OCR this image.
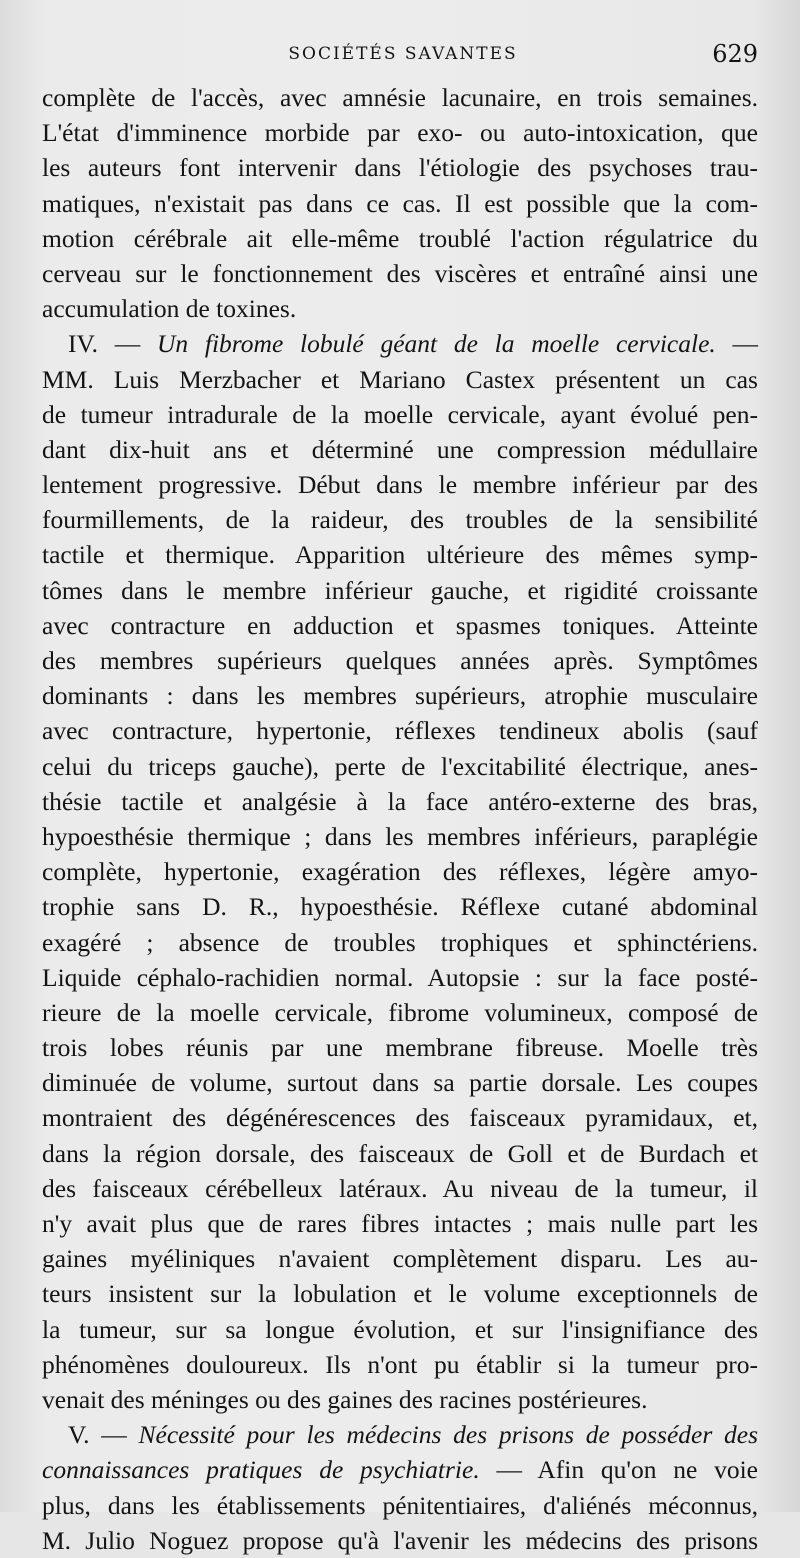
SOCIÉTÉS SAVANTES	629
complète de l'accès, avec amnésie lacunaire, en trois semaines.
L'état d'imminence morbide par exo- ou auto-intoxication, que
les auteurs font intervenir dans l'étiologie des psychoses trau-
matiques, n'existait pas dans ce cas. Il est possible que la com-
motion cérébrale ait elle-même troublé l'action régulatrice du
cerveau sur le fonctionnement des viscères et entraîné ainsi une
accumulation de toxines.
IV. — Un fibrome lobulé géant de la moelle cervicale. —
MM. Luis Merzbacher et Mariano Castex présentent un cas
de tumeur intradurale de la moelle cervicale, ayant évolué pen-
dant dix-huit ans et déterminé une compression médullaire
lentement progressive. Début dans le membre inférieur par des
fourmillements, de la raideur, des troubles de la sensibilité
tactile et thermique. Apparition ultérieure des mêmes symp-
tômes dans le membre inférieur gauche, et rigidité croissante
avec contracture en adduction et spasmes toniques. Atteinte
des membres supérieurs quelques années après. Symptômes
dominants : dans les membres supérieurs, atrophie musculaire
avec contracture, hypertonie, réflexes tendineux abolis (sauf
celui du triceps gauche), perte de l'excitabilité électrique, anes-
thésie tactile et analgésie à la face antéro-externe des bras,
hypoesthésie thermique ; dans les membres inférieurs, paraplégie
complète, hypertonie, exagération des réflexes, légère amyo-
trophie sans D. R., hypoesthésie. Réflexe cutané abdominal
exagéré ; absence de troubles trophiques et sphinctériens.
Liquide céphalo-rachidien normal. Autopsie : sur la face posté-
rieure de la moelle cervicale, fibrome volumineux, composé de
trois lobes réunis par une membrane fibreuse. Moelle très
diminuée de volume, surtout dans sa partie dorsale. Les coupes
montraient des dégénérescences des faisceaux pyramidaux, et,
dans la région dorsale, des faisceaux de Goll et de Burdach et
des faisceaux cérébelleux latéraux. Au niveau de la tumeur, il
n'y avait plus que de rares fibres intactes ; mais nulle part les
gaines myéliniques n'avaient complètement disparu. Les au-
teurs insistent sur la lobulation et le volume exceptionnels de
la tumeur, sur sa longue évolution, et sur l'insignifiance des
phénomènes douloureux. Ils n'ont pu établir si la tumeur pro-
venait des méninges ou des gaines des racines postérieures.
V. — Nécessité pour les médecins des prisons de posséder des
connaissances pratiques de psychiatrie. — Afin qu'on ne voie
plus, dans les établissements pénitentiaires, d'aliénés méconnus,
M. Julio Noguez propose qu'à l'avenir les médecins des prisons
